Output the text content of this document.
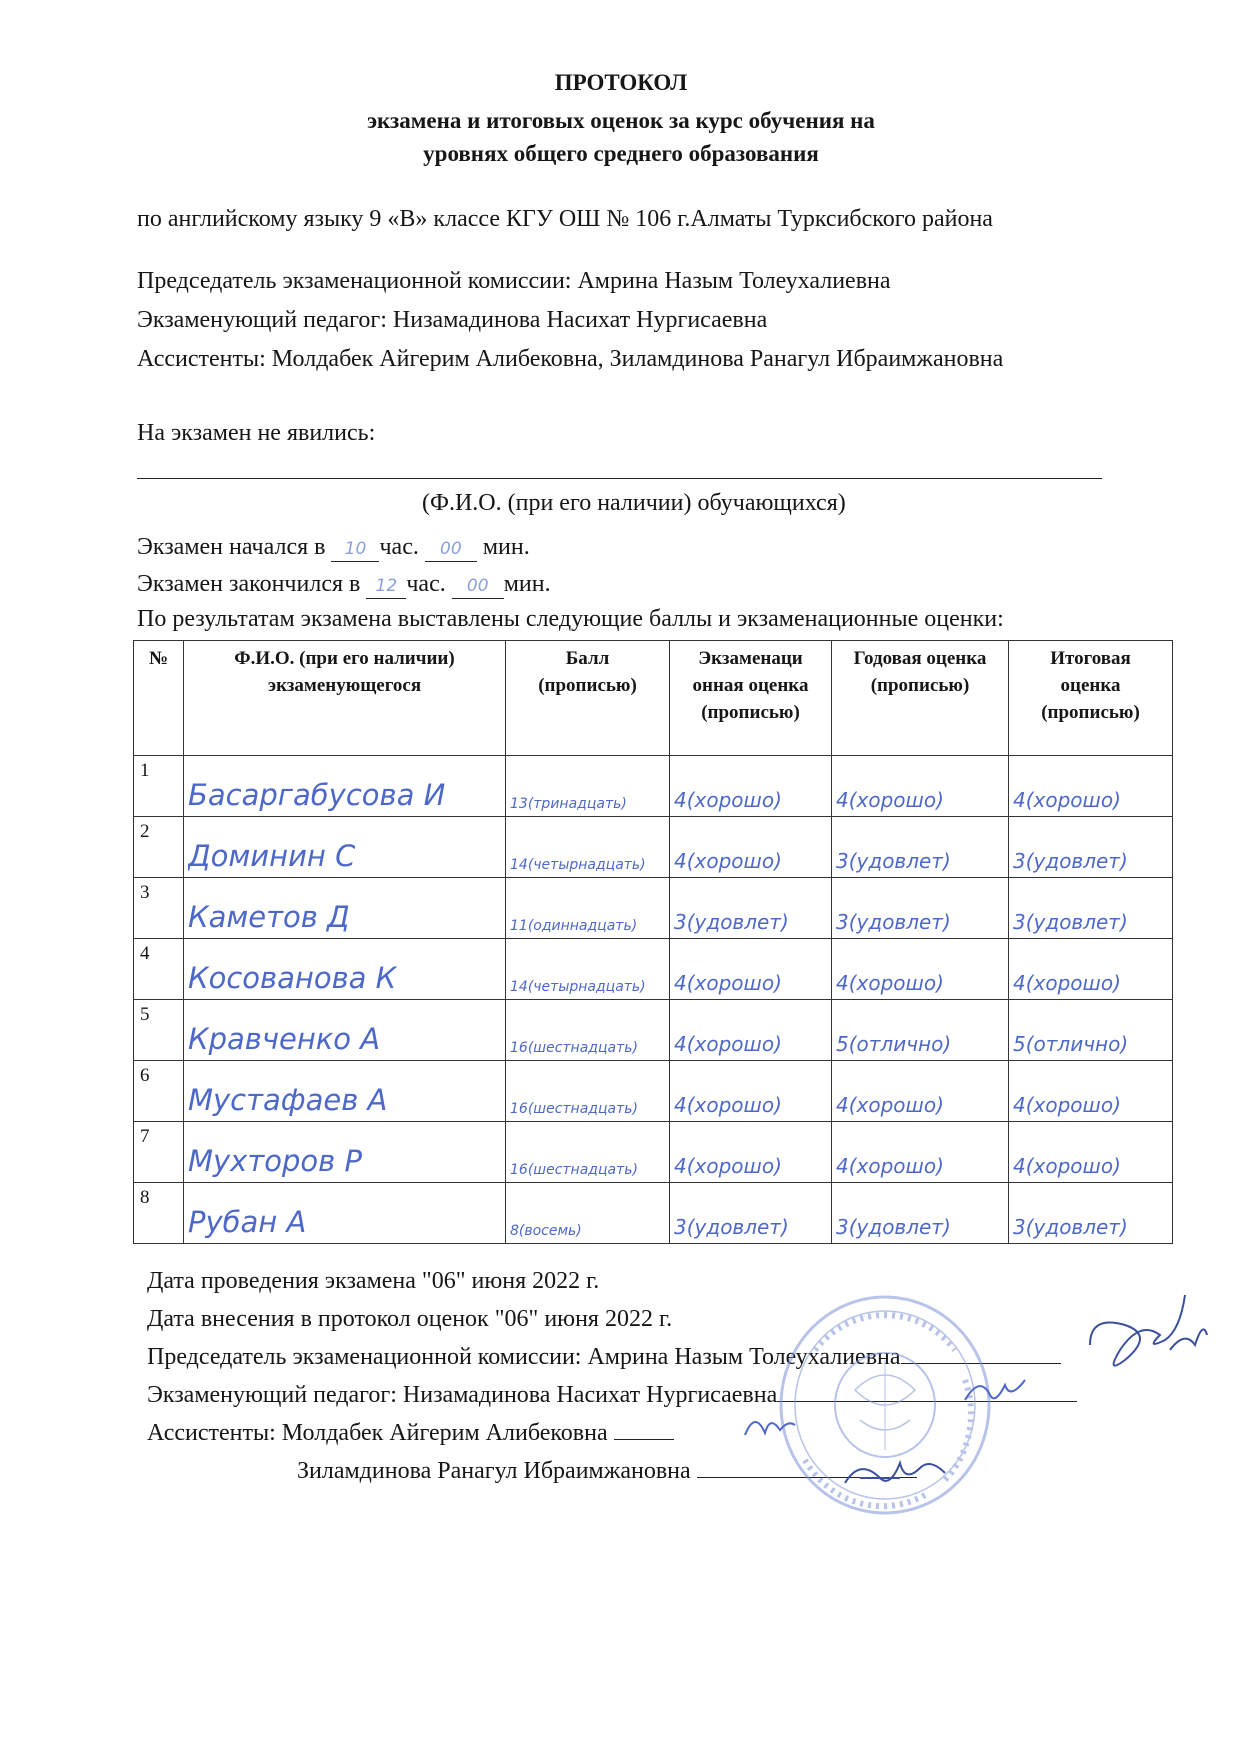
ПРОТОКОЛ
экзамена и итоговых оценок за курс обучения на
уровнях общего среднего образования
по английскому языку 9 «В» классе КГУ ОШ № 106 г.Алматы Турксибского района
Председатель экзаменационной комиссии: Амрина Назым Толеухалиевна
Экзаменующий педагог: Низамадинова Насихат Нургисаевна
Ассистенты: Молдабек Айгерим Алибековна, Зиламдинова Ранагул Ибраимжановна
На экзамен не явились:
(Ф.И.О. (при его наличии) обучающихся)
Экзамен начался в 10 час. 00 мин.
Экзамен закончился в 12 час. 00 мин.
По результатам экзамена выставлены следующие баллы и экзаменационные оценки:
№	Ф.И.О. (при его наличии) экзаменующегося	Балл (прописью)	Экзаменаци онная оценка (прописью)	Годовая оценка (прописью)	Итоговая оценка (прописью)
1	Басаргабусова И	13(тринадцать)	4(хорошо)	4(хорошо)	4(хорошо)

2	Доминин С	14(четырнадцать)	4(хорошо)	3(удовлет)	3(удовлет)

3	Каметов Д	11(одиннадцать)	3(удовлет)	3(удовлет)	3(удовлет)

4	Косованова К	14(четырнадцать)	4(хорошо)	4(хорошо)	4(хорошо)

5	Кравченко А	16(шестнадцать)	4(хорошо)	5(отлично)	5(отлично)

6	Мустафаев А	16(шестнадцать)	4(хорошо)	4(хорошо)	4(хорошо)

7	Мухторов Р	16(шестнадцать)	4(хорошо)	4(хорошо)	4(хорошо)

8	Рубан А	8(восемь)	3(удовлет)	3(удовлет)	3(удовлет)
Дата проведения экзамена "06" июня 2022 г.
Дата внесения в протокол оценок "06" июня 2022 г.
Председатель экзаменационной комиссии: Амрина Назым Толеухалиевна
Экзаменующий педагог: Низамадинова Насихат Нургисаевна
Ассистенты: Молдабек Айгерим Алибековна
Зиламдинова Ранагул Ибраимжановна
